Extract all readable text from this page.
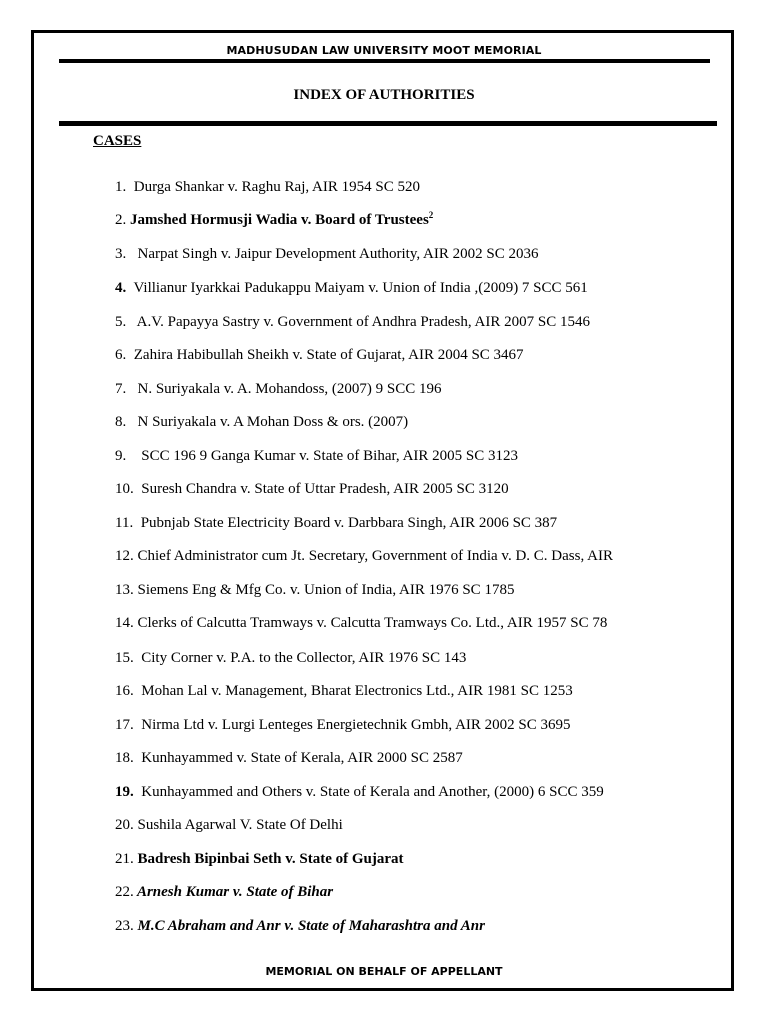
MADHUSUDAN LAW UNIVERSITY MOOT MEMORIAL
INDEX OF AUTHORITIES
CASES
1.  Durga Shankar v. Raghu Raj, AIR 1954 SC 520
2. Jamshed Hormusji Wadia v. Board of Trustees$^2$
3.   Narpat Singh v. Jaipur Development Authority, AIR 2002 SC 2036
4.  Villianur Iyarkkai Padukappu Maiyam v. Union of India ,(2009) 7 SCC 561
5.   A.V. Papayya Sastry v. Government of Andhra Pradesh, AIR 2007 SC 1546
6.  Zahira Habibullah Sheikh v. State of Gujarat, AIR 2004 SC 3467
7.   N. Suriyakala v. A. Mohandoss, (2007) 9 SCC 196
8.   N Suriyakala v. A Mohan Doss & ors. (2007)
9.    SCC 196 9 Ganga Kumar v. State of Bihar, AIR 2005 SC 3123
10.  Suresh Chandra v. State of Uttar Pradesh, AIR 2005 SC 3120
11.  Pubnjab State Electricity Board v. Darbbara Singh, AIR 2006 SC 387
12. Chief Administrator cum Jt. Secretary, Government of India v. D. C. Dass, AIR
13. Siemens Eng & Mfg Co. v. Union of India, AIR 1976 SC 1785
14. Clerks of Calcutta Tramways v. Calcutta Tramways Co. Ltd., AIR 1957 SC 78
15.  City Corner v. P.A. to the Collector, AIR 1976 SC 143
16.  Mohan Lal v. Management, Bharat Electronics Ltd., AIR 1981 SC 1253
17.  Nirma Ltd v. Lurgi Lenteges Energietechnik Gmbh, AIR 2002 SC 3695
18.  Kunhayammed v. State of Kerala, AIR 2000 SC 2587
19.  Kunhayammed and Others v. State of Kerala and Another, (2000) 6 SCC 359
20. Sushila Agarwal V. State Of Delhi
21. Badresh Bipinbai Seth v. State of Gujarat
22. Arnesh Kumar v. State of Bihar
23. M.C Abraham and Anr v. State of Maharashtra and Anr
MEMORIAL ON BEHALF OF APPELLANT
